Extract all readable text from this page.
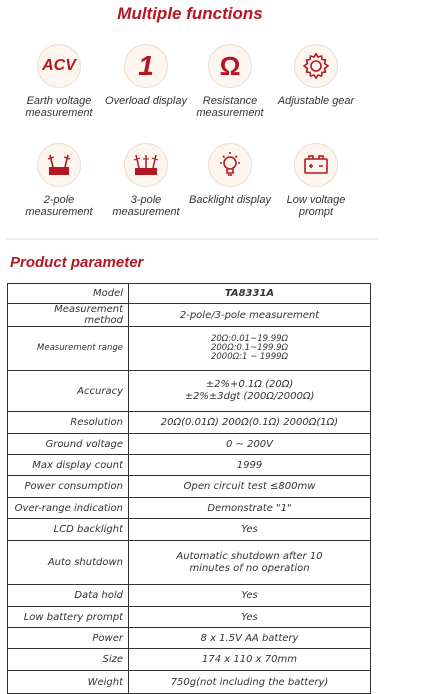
Multiple functions
ACV
Earth voltage measurement
1
Overload display
Ω
Resistance measurement
Adjustable gear
2-pole measurement
3-pole measurement
Backlight display	Low voltage prompt
Product parameter
Model	TA8331A
Measurement method	2-pole/3-pole measurement
Measurement range	20Ω:0.01~19.99Ω
200Ω:0.1~199.9Ω
2000Ω:1 ~ 1999Ω
Accuracy	±2%+0.1Ω (20Ω)
±2%±3dgt (200Ω/2000Ω)
Resolution	20Ω(0.01Ω) 200Ω(0.1Ω) 2000Ω(1Ω)
Ground voltage	0 ~ 200V
Max display count	1999
Power consumption	Open circuit test ≤800mw
Over-range indication	Demonstrate "1"
LCD backlight	Yes
Auto shutdown	Automatic shutdown after 10
minutes of no operation
Data hold	Yes
Low battery prompt	Yes
Power	8 x 1.5V AA battery
Size	174 x 110 x 70mm
Weight	750g(not including the battery)
